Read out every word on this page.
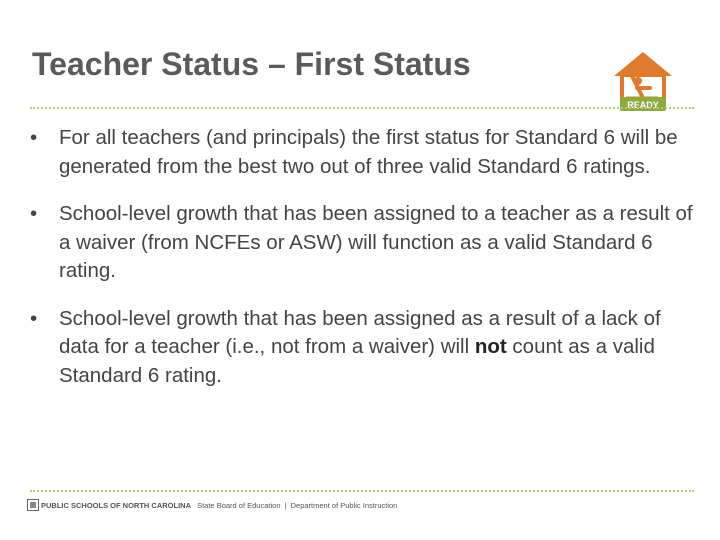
Teacher Status – First Status
READY
• For all teachers (and principals) the first status for Standard 6 will be generated from the best two out of three valid Standard 6 ratings.
• School-level growth that has been assigned to a teacher as a result of a waiver (from NCFEs or ASW) will function as a valid Standard 6 rating.
• School-level growth that has been assigned as a result of a lack of data for a teacher (i.e., not from a waiver) will not count as a valid Standard 6 rating.
PUBLIC SCHOOLS OF NORTH CAROLINA State Board of Education | Department of Public Instruction
